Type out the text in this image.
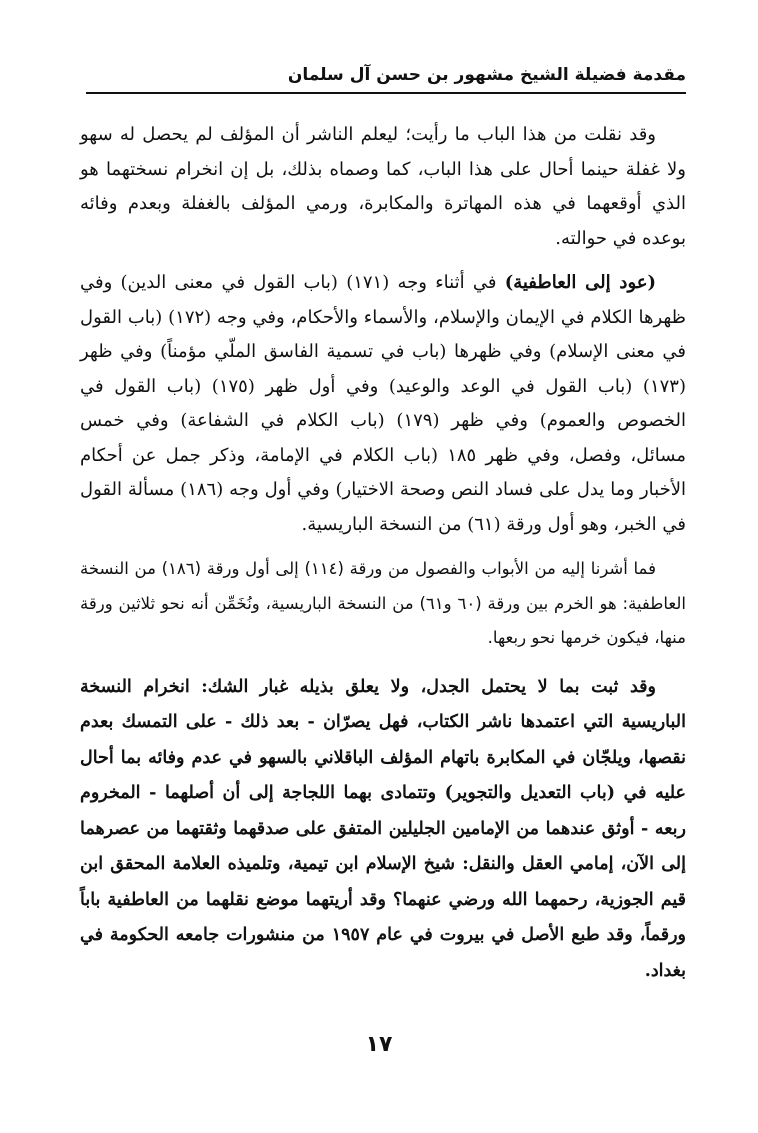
مقدمة فضيلة الشيخ مشهور بن حسن آل سلمان

وقد نقلت من هذا الباب ما رأيت؛ ليعلم الناشر أن المؤلف لم يحصل له سهو ولا غفلة حينما أحال على هذا الباب، كما وصماه بذلك، بل إن انخرام نسختهما هو الذي أوقعهما في هذه المهاترة والمكابرة، ورمي المؤلف بالغفلة وبعدم وفائه بوعده في حوالته.

(عود إلى العاطفية) في أثناء وجه (١٧١) (باب القول في معنى الدين) وفي ظهرها الكلام في الإيمان والإسلام، والأسماء والأحكام، وفي وجه (١٧٢) (باب القول في معنى الإسلام) وفي ظهرها (باب في تسمية الفاسق الملّي مؤمناً) وفي ظهر (١٧٣) (باب القول في الوعد والوعيد) وفي أول ظهر (١٧٥) (باب القول في الخصوص والعموم) وفي ظهر (١٧٩) (باب الكلام في الشفاعة) وفي خمس مسائل، وفصل، وفي ظهر ١٨٥ (باب الكلام في الإمامة، وذكر جمل عن أحكام الأخبار وما يدل على فساد النص وصحة الاختيار) وفي أول وجه (١٨٦) مسألة القول في الخبر، وهو أول ورقة (٦١) من النسخة الباريسية.

فما أشرنا إليه من الأبواب والفصول من ورقة (١١٤) إلى أول ورقة (١٨٦) من النسخة العاطفية: هو الخرم بين ورقة (٦٠ و٦١) من النسخة الباريسية، ونُخَمِّن أنه نحو ثلاثين ورقة منها، فيكون خرمها نحو ربعها.

وقد ثبت بما لا يحتمل الجدل، ولا يعلق بذيله غبار الشك: انخرام النسخة الباريسية التي اعتمدها ناشر الكتاب، فهل يصرّان - بعد ذلك - على التمسك بعدم نقصها، ويلجّان في المكابرة باتهام المؤلف الباقلاني بالسهو في عدم وفائه بما أحال عليه في (باب التعديل والتجوير) وتتمادى بهما اللجاجة إلى أن أصلهما - المخروم ربعه - أوثق عندهما من الإمامين الجليلين المتفق على صدقهما وثقتهما من عصرهما إلى الآن، إمامي العقل والنقل: شيخ الإسلام ابن تيمية، وتلميذه العلامة المحقق ابن قيم الجوزية، رحمهما الله ورضي عنهما؟ وقد أريتهما موضع نقلهما من العاطفية باباً ورقماً، وقد طبع الأصل في بيروت في عام ١٩٥٧ من منشورات جامعه الحكومة في بغداد.

١٧
